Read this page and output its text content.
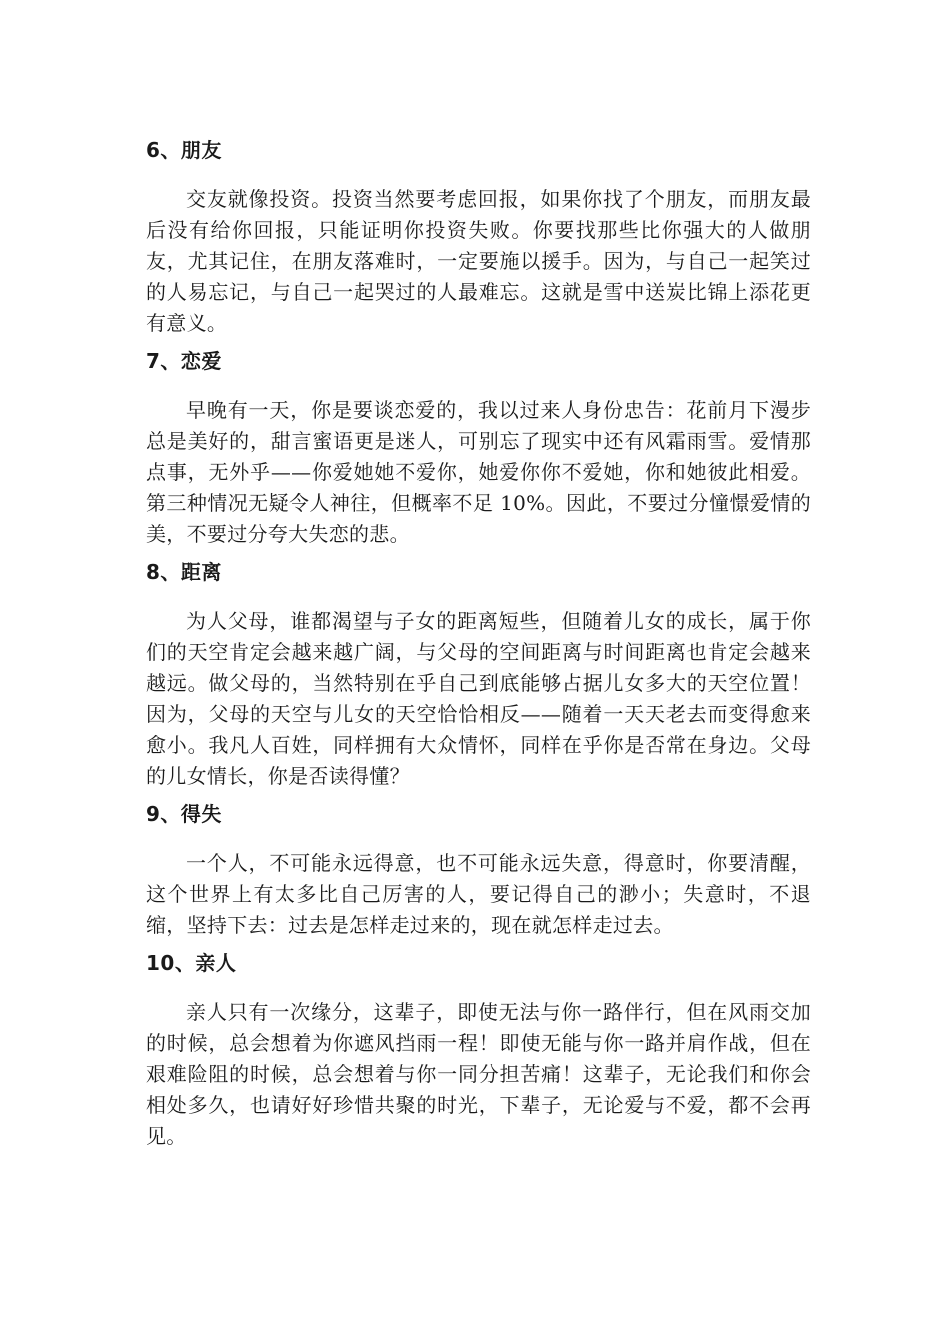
6、朋友

交友就像投资。投资当然要考虑回报，如果你找了个朋友，而朋友最后没有给你回报，只能证明你投资失败。你要找那些比你强大的人做朋友，尤其记住，在朋友落难时，一定要施以援手。因为，与自己一起笑过的人易忘记，与自己一起哭过的人最难忘。这就是雪中送炭比锦上添花更有意义。

7、恋爱

早晚有一天，你是要谈恋爱的，我以过来人身份忠告：花前月下漫步总是美好的，甜言蜜语更是迷人，可别忘了现实中还有风霜雨雪。爱情那点事，无外乎——你爱她她不爱你，她爱你你不爱她，你和她彼此相爱。第三种情况无疑令人神往，但概率不足 10%。因此，不要过分憧憬爱情的美，不要过分夸大失恋的悲。

8、距离

为人父母，谁都渴望与子女的距离短些，但随着儿女的成长，属于你们的天空肯定会越来越广阔，与父母的空间距离与时间距离也肯定会越来越远。做父母的，当然特别在乎自己到底能够占据儿女多大的天空位置！因为，父母的天空与儿女的天空恰恰相反——随着一天天老去而变得愈来愈小。我凡人百姓，同样拥有大众情怀，同样在乎你是否常在身边。父母的儿女情长，你是否读得懂？

9、得失

一个人，不可能永远得意，也不可能永远失意，得意时，你要清醒，这个世界上有太多比自己厉害的人，要记得自己的渺小；失意时，不退缩，坚持下去：过去是怎样走过来的，现在就怎样走过去。

10、亲人

亲人只有一次缘分，这辈子，即使无法与你一路伴行，但在风雨交加的时候，总会想着为你遮风挡雨一程！即使无能与你一路并肩作战，但在艰难险阻的时候，总会想着与你一同分担苦痛！这辈子，无论我们和你会相处多久，也请好好珍惜共聚的时光，下辈子，无论爱与不爱，都不会再见。
